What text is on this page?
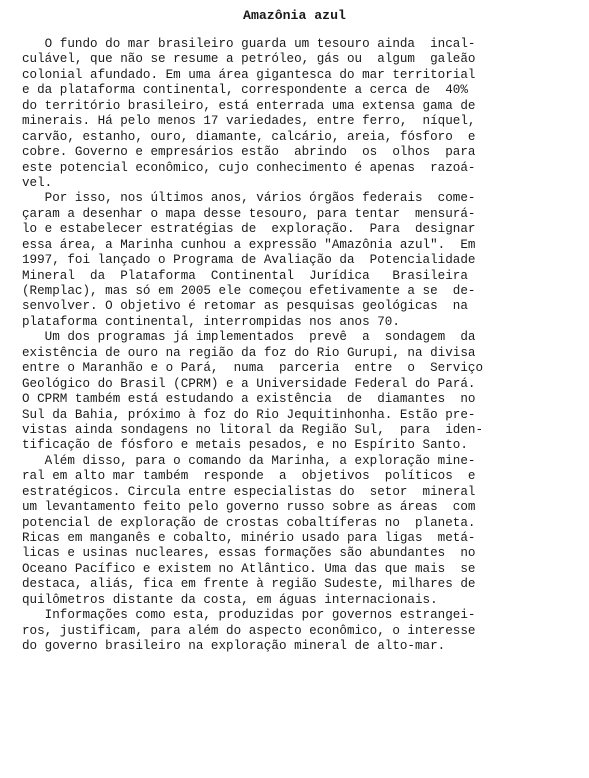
Amazônia azul
O fundo do mar brasileiro guarda um tesouro ainda  incal-
culável, que não se resume a petróleo, gás ou  algum  galeão
colonial afundado. Em uma área gigantesca do mar territorial
e da plataforma continental, correspondente a cerca de  40%
do território brasileiro, está enterrada uma extensa gama de
minerais. Há pelo menos 17 variedades, entre ferro,  níquel,
carvão, estanho, ouro, diamante, calcário, areia, fósforo  e
cobre. Governo e empresários estão  abrindo  os  olhos  para
este potencial econômico, cujo conhecimento é apenas  razoá-
vel.
Por isso, nos últimos anos, vários órgãos federais  come-
çaram a desenhar o mapa desse tesouro, para tentar  mensurá-
lo e estabelecer estratégias de  exploração.  Para  designar
essa área, a Marinha cunhou a expressão "Amazônia azul".  Em
1997, foi lançado o Programa de Avaliação da  Potencialidade
Mineral  da  Plataforma  Continental  Jurídica   Brasileira
(Remplac), mas só em 2005 ele começou efetivamente a se  de-
senvolver. O objetivo é retomar as pesquisas geológicas  na
plataforma continental, interrompidas nos anos 70.
Um dos programas já implementados  prevê  a  sondagem  da
existência de ouro na região da foz do Rio Gurupi, na divisa
entre o Maranhão e o Pará,  numa  parceria  entre  o  Serviço
Geológico do Brasil (CPRM) e a Universidade Federal do Pará.
O CPRM também está estudando a existência  de  diamantes  no
Sul da Bahia, próximo à foz do Rio Jequitinhonha. Estão pre-
vistas ainda sondagens no litoral da Região Sul,  para  iden-
tificação de fósforo e metais pesados, e no Espírito Santo.
Além disso, para o comando da Marinha, a exploração mine-
ral em alto mar também  responde  a  objetivos  políticos  e
estratégicos. Circula entre especialistas do  setor  mineral
um levantamento feito pelo governo russo sobre as áreas  com
potencial de exploração de crostas cobaltíferas no  planeta.
Ricas em manganês e cobalto, minério usado para ligas  metá-
licas e usinas nucleares, essas formações são abundantes  no
Oceano Pacífico e existem no Atlântico. Uma das que mais  se
destaca, aliás, fica em frente à região Sudeste, milhares de
quilômetros distante da costa, em águas internacionais.
Informações como esta, produzidas por governos estrangei-
ros, justificam, para além do aspecto econômico, o interesse
do governo brasileiro na exploração mineral de alto-mar.
